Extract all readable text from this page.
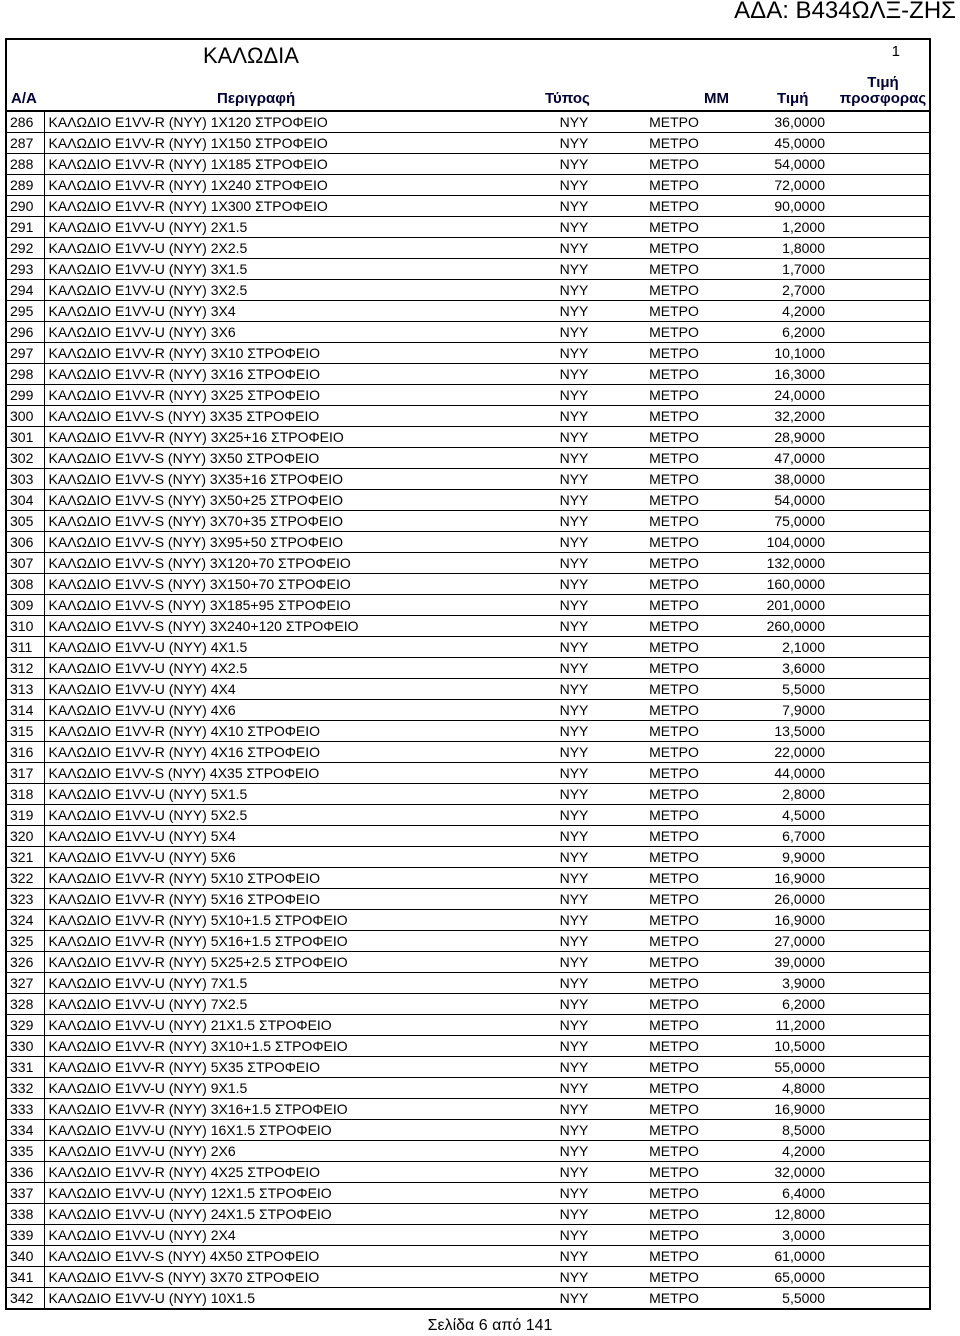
ΑΔΑ: Β434ΩΛΞ-ΖΗΣ
ΚΑΛΩΔΙΑ	1
Α/Α	Περιγραφή	Τύπος	ΜΜ	Τιμή
Τιμή προσφορας
286	ΚΑΛΩΔΙΟ Ε1VV-R (NYY) 1X120 ΣΤΡΟΦΕΙΟ	NYY	ΜΕΤΡΟ	36,0000	
287	ΚΑΛΩΔΙΟ Ε1VV-R (NYY) 1X150 ΣΤΡΟΦΕΙΟ	NYY	ΜΕΤΡΟ	45,0000	
288	ΚΑΛΩΔΙΟ Ε1VV-R (NYY) 1X185 ΣΤΡΟΦΕΙΟ	NYY	ΜΕΤΡΟ	54,0000	
289	ΚΑΛΩΔΙΟ Ε1VV-R (NYY) 1X240 ΣΤΡΟΦΕΙΟ	NYY	ΜΕΤΡΟ	72,0000	
290	ΚΑΛΩΔΙΟ Ε1VV-R (NYY) 1X300 ΣΤΡΟΦΕΙΟ	NYY	ΜΕΤΡΟ	90,0000	
291	ΚΑΛΩΔΙΟ Ε1VV-U (NYY) 2X1.5	NYY	ΜΕΤΡΟ	1,2000	
292	ΚΑΛΩΔΙΟ Ε1VV-U (NYY) 2X2.5	NYY	ΜΕΤΡΟ	1,8000	
293	ΚΑΛΩΔΙΟ Ε1VV-U (NYY) 3X1.5	NYY	ΜΕΤΡΟ	1,7000	
294	ΚΑΛΩΔΙΟ Ε1VV-U (NYY) 3X2.5	NYY	ΜΕΤΡΟ	2,7000	
295	ΚΑΛΩΔΙΟ Ε1VV-U (NYY) 3X4	NYY	ΜΕΤΡΟ	4,2000	
296	ΚΑΛΩΔΙΟ Ε1VV-U (NYY) 3X6	NYY	ΜΕΤΡΟ	6,2000	
297	ΚΑΛΩΔΙΟ Ε1VV-R (NYY) 3X10 ΣΤΡΟΦΕΙΟ	NYY	ΜΕΤΡΟ	10,1000	
298	ΚΑΛΩΔΙΟ Ε1VV-R (NYY) 3X16 ΣΤΡΟΦΕΙΟ	NYY	ΜΕΤΡΟ	16,3000	
299	ΚΑΛΩΔΙΟ Ε1VV-R (NYY) 3X25 ΣΤΡΟΦΕΙΟ	NYY	ΜΕΤΡΟ	24,0000	
300	ΚΑΛΩΔΙΟ Ε1VV-S (NYY) 3X35 ΣΤΡΟΦΕΙΟ	NYY	ΜΕΤΡΟ	32,2000	
301	ΚΑΛΩΔΙΟ Ε1VV-R (NYY) 3X25+16 ΣΤΡΟΦΕΙΟ	NYY	ΜΕΤΡΟ	28,9000	
302	ΚΑΛΩΔΙΟ Ε1VV-S (NYY) 3X50 ΣΤΡΟΦΕΙΟ	NYY	ΜΕΤΡΟ	47,0000	
303	ΚΑΛΩΔΙΟ Ε1VV-S (NYY) 3X35+16 ΣΤΡΟΦΕΙΟ	NYY	ΜΕΤΡΟ	38,0000	
304	ΚΑΛΩΔΙΟ Ε1VV-S (NYY) 3X50+25 ΣΤΡΟΦΕΙΟ	NYY	ΜΕΤΡΟ	54,0000	
305	ΚΑΛΩΔΙΟ Ε1VV-S (NYY) 3X70+35 ΣΤΡΟΦΕΙΟ	NYY	ΜΕΤΡΟ	75,0000	
306	ΚΑΛΩΔΙΟ Ε1VV-S (NYY) 3X95+50 ΣΤΡΟΦΕΙΟ	NYY	ΜΕΤΡΟ	104,0000	
307	ΚΑΛΩΔΙΟ Ε1VV-S (NYY) 3X120+70 ΣΤΡΟΦΕΙΟ	NYY	ΜΕΤΡΟ	132,0000	
308	ΚΑΛΩΔΙΟ Ε1VV-S (NYY) 3X150+70 ΣΤΡΟΦΕΙΟ	NYY	ΜΕΤΡΟ	160,0000	
309	ΚΑΛΩΔΙΟ Ε1VV-S (NYY) 3X185+95 ΣΤΡΟΦΕΙΟ	NYY	ΜΕΤΡΟ	201,0000	
310	ΚΑΛΩΔΙΟ Ε1VV-S (NYY) 3X240+120 ΣΤΡΟΦΕΙΟ	NYY	ΜΕΤΡΟ	260,0000	
311	ΚΑΛΩΔΙΟ Ε1VV-U (NYY) 4X1.5	NYY	ΜΕΤΡΟ	2,1000	
312	ΚΑΛΩΔΙΟ Ε1VV-U (NYY) 4X2.5	NYY	ΜΕΤΡΟ	3,6000	
313	ΚΑΛΩΔΙΟ Ε1VV-U (NYY) 4X4	NYY	ΜΕΤΡΟ	5,5000	
314	ΚΑΛΩΔΙΟ Ε1VV-U (NYY) 4X6	NYY	ΜΕΤΡΟ	7,9000	
315	ΚΑΛΩΔΙΟ Ε1VV-R (NYY) 4X10 ΣΤΡΟΦΕΙΟ	NYY	ΜΕΤΡΟ	13,5000	
316	ΚΑΛΩΔΙΟ Ε1VV-R (NYY) 4X16 ΣΤΡΟΦΕΙΟ	NYY	ΜΕΤΡΟ	22,0000	
317	ΚΑΛΩΔΙΟ Ε1VV-S (NYY) 4X35 ΣΤΡΟΦΕΙΟ	NYY	ΜΕΤΡΟ	44,0000	
318	ΚΑΛΩΔΙΟ Ε1VV-U (NYY) 5X1.5	NYY	ΜΕΤΡΟ	2,8000	
319	ΚΑΛΩΔΙΟ Ε1VV-U (NYY) 5X2.5	NYY	ΜΕΤΡΟ	4,5000	
320	ΚΑΛΩΔΙΟ Ε1VV-U (NYY) 5X4	NYY	ΜΕΤΡΟ	6,7000	
321	ΚΑΛΩΔΙΟ Ε1VV-U (NYY) 5X6	NYY	ΜΕΤΡΟ	9,9000	
322	ΚΑΛΩΔΙΟ Ε1VV-R (NYY) 5X10 ΣΤΡΟΦΕΙΟ	NYY	ΜΕΤΡΟ	16,9000	
323	ΚΑΛΩΔΙΟ Ε1VV-R (NYY) 5X16 ΣΤΡΟΦΕΙΟ	NYY	ΜΕΤΡΟ	26,0000	
324	ΚΑΛΩΔΙΟ Ε1VV-R (NYY) 5X10+1.5 ΣΤΡΟΦΕΙΟ	NYY	ΜΕΤΡΟ	16,9000	
325	ΚΑΛΩΔΙΟ Ε1VV-R (NYY) 5X16+1.5 ΣΤΡΟΦΕΙΟ	NYY	ΜΕΤΡΟ	27,0000	
326	ΚΑΛΩΔΙΟ Ε1VV-R (NYY) 5X25+2.5 ΣΤΡΟΦΕΙΟ	NYY	ΜΕΤΡΟ	39,0000	
327	ΚΑΛΩΔΙΟ Ε1VV-U (NYY) 7X1.5	NYY	ΜΕΤΡΟ	3,9000	
328	ΚΑΛΩΔΙΟ Ε1VV-U (NYY) 7X2.5	NYY	ΜΕΤΡΟ	6,2000	
329	ΚΑΛΩΔΙΟ Ε1VV-U (NYY) 21X1.5 ΣΤΡΟΦΕΙΟ	NYY	ΜΕΤΡΟ	11,2000	
330	ΚΑΛΩΔΙΟ Ε1VV-R (NYY) 3X10+1.5 ΣΤΡΟΦΕΙΟ	NYY	ΜΕΤΡΟ	10,5000	
331	ΚΑΛΩΔΙΟ Ε1VV-R (NYY) 5X35 ΣΤΡΟΦΕΙΟ	NYY	ΜΕΤΡΟ	55,0000	
332	ΚΑΛΩΔΙΟ Ε1VV-U (NYY) 9X1.5	NYY	ΜΕΤΡΟ	4,8000	
333	ΚΑΛΩΔΙΟ Ε1VV-R (NYY) 3X16+1.5 ΣΤΡΟΦΕΙΟ	NYY	ΜΕΤΡΟ	16,9000	
334	ΚΑΛΩΔΙΟ Ε1VV-U (NYY) 16X1.5 ΣΤΡΟΦΕΙΟ	NYY	ΜΕΤΡΟ	8,5000	
335	ΚΑΛΩΔΙΟ Ε1VV-U (NYY) 2X6	NYY	ΜΕΤΡΟ	4,2000	
336	ΚΑΛΩΔΙΟ Ε1VV-R (NYY) 4X25 ΣΤΡΟΦΕΙΟ	NYY	ΜΕΤΡΟ	32,0000	
337	ΚΑΛΩΔΙΟ Ε1VV-U (NYY) 12X1.5 ΣΤΡΟΦΕΙΟ	NYY	ΜΕΤΡΟ	6,4000	
338	ΚΑΛΩΔΙΟ Ε1VV-U (NYY) 24X1.5 ΣΤΡΟΦΕΙΟ	NYY	ΜΕΤΡΟ	12,8000	
339	ΚΑΛΩΔΙΟ Ε1VV-U (NYY) 2X4	NYY	ΜΕΤΡΟ	3,0000	
340	ΚΑΛΩΔΙΟ Ε1VV-S (NYY) 4X50 ΣΤΡΟΦΕΙΟ	NYY	ΜΕΤΡΟ	61,0000	
341	ΚΑΛΩΔΙΟ Ε1VV-S (NYY) 3X70 ΣΤΡΟΦΕΙΟ	NYY	ΜΕΤΡΟ	65,0000	
342	ΚΑΛΩΔΙΟ Ε1VV-U (NYY) 10X1.5	NYY	ΜΕΤΡΟ	5,5000	
Σελίδα 6 από 141
